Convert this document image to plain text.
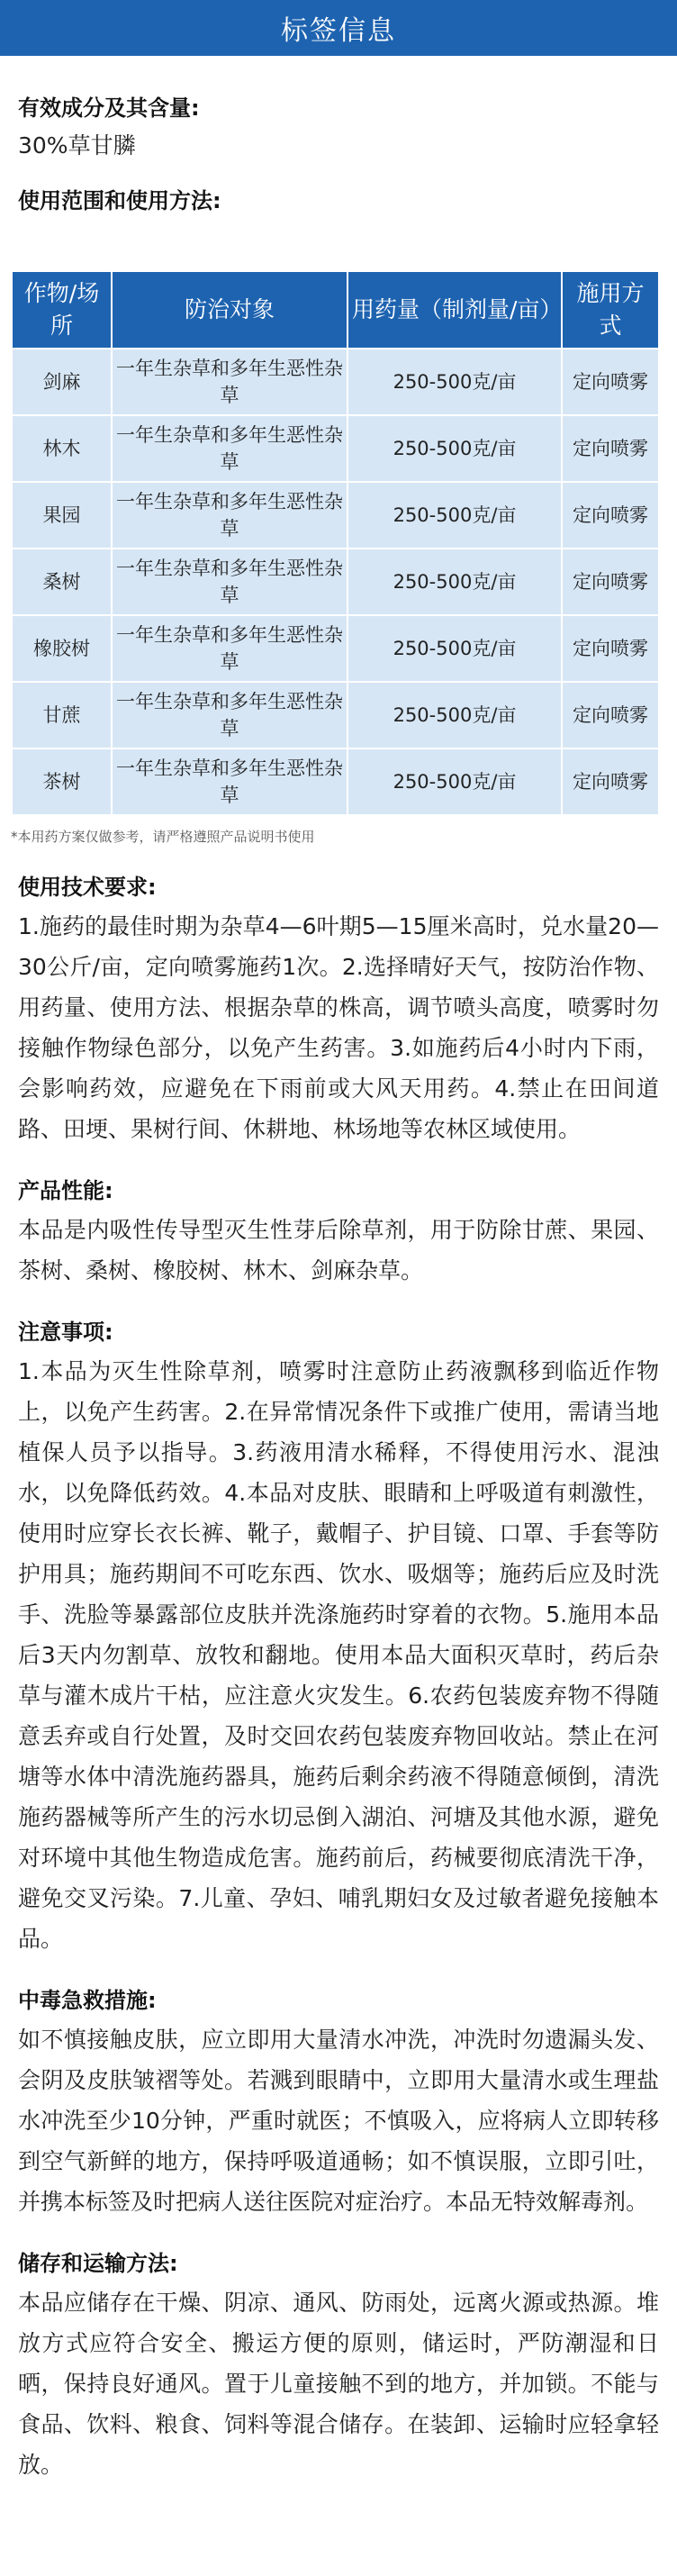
标签信息
有效成分及其含量:
30%草甘膦
使用范围和使用方法:
作物/场所	防治对象	用药量（制剂量/亩）	施用方式
剑麻	一年生杂草和多年生恶性杂草	250-500克/亩	定向喷雾
林木	一年生杂草和多年生恶性杂草	250-500克/亩	定向喷雾
果园	一年生杂草和多年生恶性杂草	250-500克/亩	定向喷雾
桑树	一年生杂草和多年生恶性杂草	250-500克/亩	定向喷雾
橡胶树	一年生杂草和多年生恶性杂草	250-500克/亩	定向喷雾
甘蔗	一年生杂草和多年生恶性杂草	250-500克/亩	定向喷雾
茶树	一年生杂草和多年生恶性杂草	250-500克/亩	定向喷雾
*本用药方案仅做参考，请严格遵照产品说明书使用
使用技术要求:
1.施药的最佳时期为杂草4—6叶期5—15厘米高时，兑水量20—30公斤/亩，定向喷雾施药1次。2.选择晴好天气，按防治作物、用药量、使用方法、根据杂草的株高，调节喷头高度，喷雾时勿接触作物绿色部分，以免产生药害。3.如施药后4小时内下雨，会影响药效，应避免在下雨前或大风天用药。4.禁止在田间道路、田埂、果树行间、休耕地、林场地等农林区域使用。
产品性能:
本品是内吸性传导型灭生性芽后除草剂，用于防除甘蔗、果园、茶树、桑树、橡胶树、林木、剑麻杂草。
注意事项:
1.本品为灭生性除草剂，喷雾时注意防止药液飘移到临近作物上，以免产生药害。2.在异常情况条件下或推广使用，需请当地植保人员予以指导。3.药液用清水稀释，不得使用污水、混浊水，以免降低药效。4.本品对皮肤、眼睛和上呼吸道有刺激性，使用时应穿长衣长裤、靴子，戴帽子、护目镜、口罩、手套等防护用具；施药期间不可吃东西、饮水、吸烟等；施药后应及时洗手、洗脸等暴露部位皮肤并洗涤施药时穿着的衣物。5.施用本品后3天内勿割草、放牧和翻地。使用本品大面积灭草时，药后杂草与灌木成片干枯，应注意火灾发生。6.农药包装废弃物不得随意丢弃或自行处置，及时交回农药包装废弃物回收站。禁止在河塘等水体中清洗施药器具，施药后剩余药液不得随意倾倒，清洗施药器械等所产生的污水切忌倒入湖泊、河塘及其他水源，避免对环境中其他生物造成危害。施药前后，药械要彻底清洗干净，避免交叉污染。7.儿童、孕妇、哺乳期妇女及过敏者避免接触本品。
中毒急救措施:
如不慎接触皮肤，应立即用大量清水冲洗，冲洗时勿遗漏头发、会阴及皮肤皱褶等处。若溅到眼睛中，立即用大量清水或生理盐水冲洗至少10分钟，严重时就医；不慎吸入，应将病人立即转移到空气新鲜的地方，保持呼吸道通畅；如不慎误服，立即引吐，并携本标签及时把病人送往医院对症治疗。本品无特效解毒剂。
储存和运输方法:
本品应储存在干燥、阴凉、通风、防雨处，远离火源或热源。堆放方式应符合安全、搬运方便的原则，储运时，严防潮湿和日晒，保持良好通风。置于儿童接触不到的地方，并加锁。不能与食品、饮料、粮食、饲料等混合储存。在装卸、运输时应轻拿轻放。
